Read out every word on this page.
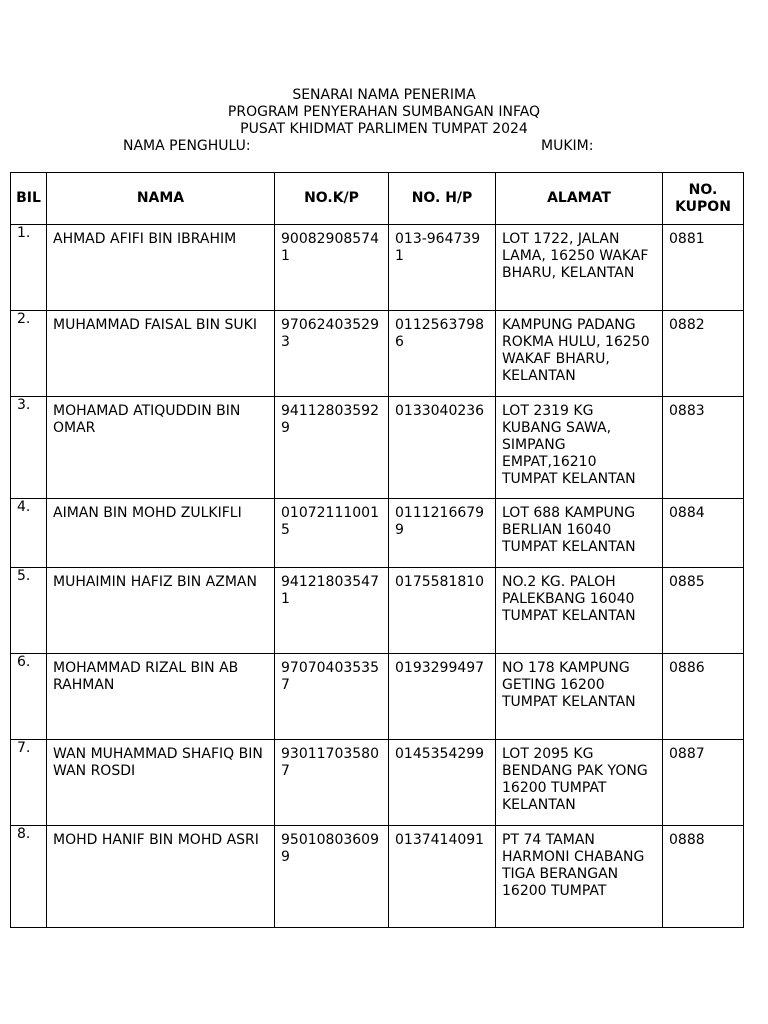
SENARAI NAMA PENERIMA
PROGRAM PENYERAHAN SUMBANGAN INFAQ
PUSAT KHIDMAT PARLIMEN TUMPAT 2024
NAMA PENGHULU:	MUKIM:
BIL	NAMA	NO.K/P	NO. H/P	ALAMAT	NO. KUPON
1.	AHMAD AFIFI BIN IBRAHIM	900829085741	013-9647391	LOT 1722, JALAN LAMA, 16250 WAKAF BHARU, KELANTAN	0881
2.	MUHAMMAD FAISAL BIN SUKI	970624035293	01125637986	KAMPUNG PADANG ROKMA HULU, 16250 WAKAF BHARU, KELANTAN	0882
3.	MOHAMAD ATIQUDDIN BIN OMAR	941128035929	0133040236	LOT 2319 KG KUBANG SAWA, SIMPANG EMPAT,16210 TUMPAT KELANTAN	0883
4.	AIMAN BIN MOHD ZULKIFLI	010721110015	01112166799	LOT 688 KAMPUNG BERLIAN 16040 TUMPAT KELANTAN	0884
5.	MUHAIMIN HAFIZ BIN AZMAN	941218035471	0175581810	NO.2 KG. PALOH PALEKBANG 16040 TUMPAT KELANTAN	0885
6.	MOHAMMAD RIZAL BIN AB RAHMAN	970704035357	0193299497	NO 178 KAMPUNG GETING 16200 TUMPAT KELANTAN	0886
7.	WAN MUHAMMAD SHAFIQ BIN WAN ROSDI	930117035807	0145354299	LOT 2095 KG BENDANG PAK YONG 16200 TUMPAT KELANTAN	0887
8.	MOHD HANIF BIN MOHD ASRI	950108036099	0137414091	PT 74 TAMAN HARMONI CHABANG TIGA BERANGAN 16200 TUMPAT	0888
